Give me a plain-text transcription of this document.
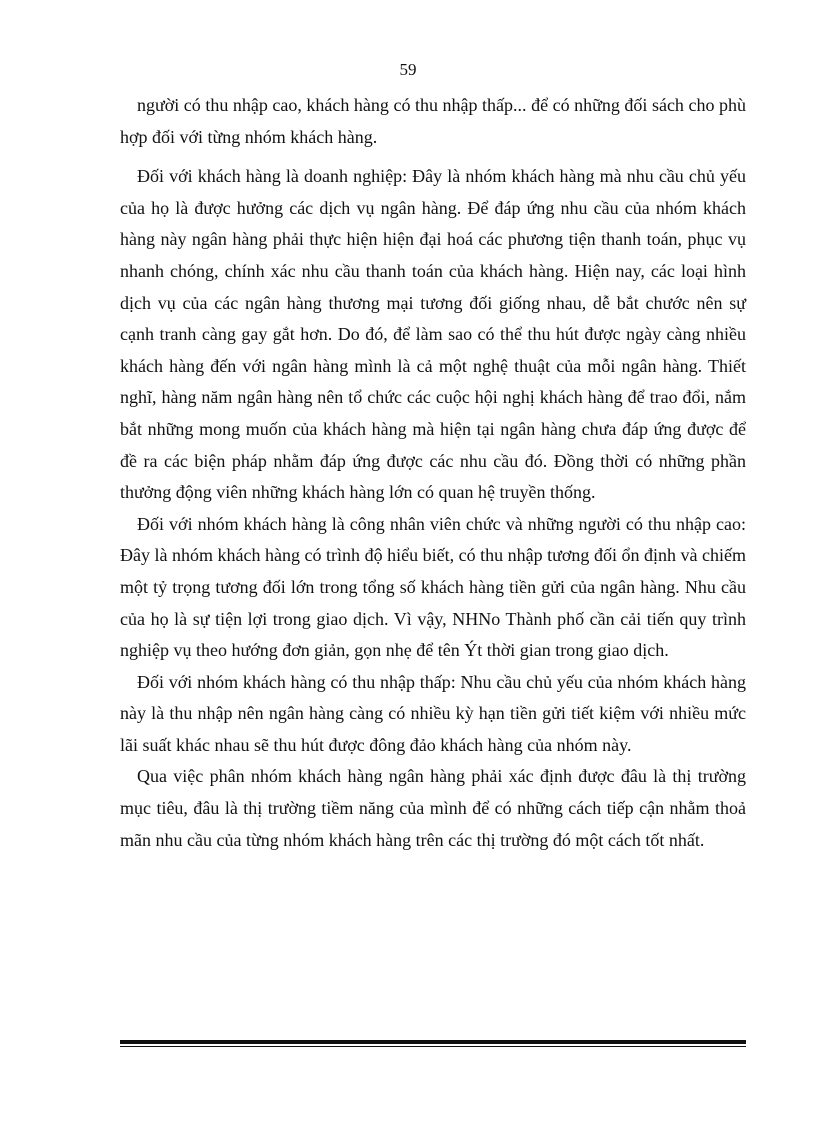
59

người có thu nhập cao, khách hàng có thu nhập thấp... để có những đối sách cho phù hợp đối với từng nhóm khách hàng.

Đối với khách hàng là doanh nghiệp: Đây là nhóm khách hàng mà nhu cầu chủ yếu của họ là được hưởng các dịch vụ ngân hàng. Để đáp ứng nhu cầu của nhóm khách hàng này ngân hàng phải thực hiện hiện đại hoá các phương tiện thanh toán, phục vụ nhanh chóng, chính xác nhu cầu thanh toán của khách hàng. Hiện nay, các loại hình dịch vụ của các ngân hàng thương mại tương đối giống nhau, dễ bắt chước nên sự cạnh tranh càng gay gắt hơn. Do đó, để làm sao có thể thu hút được ngày càng nhiều khách hàng đến với ngân hàng mình là cả một nghệ thuật của mỗi ngân hàng. Thiết nghĩ, hàng năm ngân hàng nên tổ chức các cuộc hội nghị khách hàng để trao đổi, nắm bắt những mong muốn của khách hàng mà hiện tại ngân hàng chưa đáp ứng được để đề ra các biện pháp nhằm đáp ứng được các nhu cầu đó. Đồng thời có những phần thưởng động viên những khách hàng lớn có quan hệ truyền thống.

Đối với nhóm khách hàng là công nhân viên chức và những người có thu nhập cao: Đây là nhóm khách hàng có trình độ hiểu biết, có thu nhập tương đối ổn định và chiếm một tỷ trọng tương đối lớn trong tổng số khách hàng tiền gửi của ngân hàng. Nhu cầu của họ là sự tiện lợi trong giao dịch. Vì vậy, NHNo Thành phố cần cải tiến quy trình nghiệp vụ theo hướng đơn giản, gọn nhẹ để tên Ýt thời gian trong giao dịch.

Đối với nhóm khách hàng có thu nhập thấp: Nhu cầu chủ yếu của nhóm khách hàng này là thu nhập nên ngân hàng càng có nhiều kỳ hạn tiền gửi tiết kiệm với nhiều mức lãi suất khác nhau sẽ thu hút được đông đảo khách hàng của nhóm này.

Qua việc phân nhóm khách hàng ngân hàng phải xác định được đâu là thị trường mục tiêu, đâu là thị trường tiềm năng của mình để có những cách tiếp cận nhằm thoả mãn nhu cầu của từng nhóm khách hàng trên các thị trường đó một cách tốt nhất.
